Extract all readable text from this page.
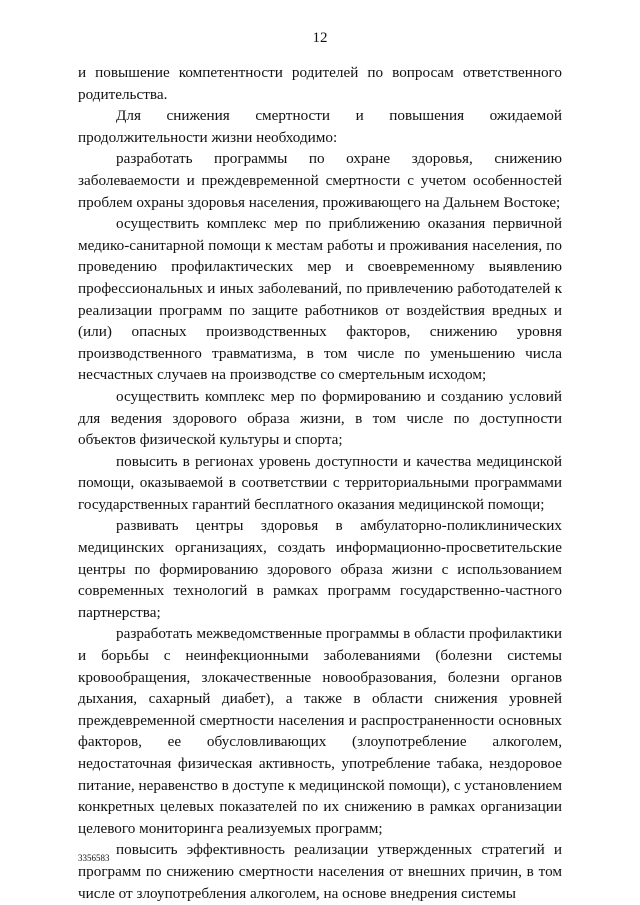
12

и повышение компетентности родителей по вопросам ответственного родительства.

Для снижения смертности и повышения ожидаемой продолжительности жизни необходимо:

разработать программы по охране здоровья, снижению заболеваемости и преждевременной смертности с учетом особенностей проблем охраны здоровья населения, проживающего на Дальнем Востоке;

осуществить комплекс мер по приближению оказания первичной медико-санитарной помощи к местам работы и проживания населения, по проведению профилактических мер и своевременному выявлению профессиональных и иных заболеваний, по привлечению работодателей к реализации программ по защите работников от воздействия вредных и (или) опасных производственных факторов, снижению уровня производственного травматизма, в том числе по уменьшению числа несчастных случаев на производстве со смертельным исходом;

осуществить комплекс мер по формированию и созданию условий для ведения здорового образа жизни, в том числе по доступности объектов физической культуры и спорта;

повысить в регионах уровень доступности и качества медицинской помощи, оказываемой в соответствии с территориальными программами государственных гарантий бесплатного оказания медицинской помощи;

развивать центры здоровья в амбулаторно-поликлинических медицинских организациях, создать информационно-просветительские центры по формированию здорового образа жизни с использованием современных технологий в рамках программ государственно-частного партнерства;

разработать межведомственные программы в области профилактики и борьбы с неинфекционными заболеваниями (болезни системы кровообращения, злокачественные новообразования, болезни органов дыхания, сахарный диабет), а также в области снижения уровней преждевременной смертности населения и распространенности основных факторов, ее обусловливающих (злоупотребление алкоголем, недостаточная физическая активность, употребление табака, нездоровое питание, неравенство в доступе к медицинской помощи), с установлением конкретных целевых показателей по их снижению в рамках организации целевого мониторинга реализуемых программ;

повысить эффективность реализации утвержденных стратегий и программ по снижению смертности населения от внешних причин, в том числе от злоупотребления алкоголем, на основе внедрения системы

3356583
